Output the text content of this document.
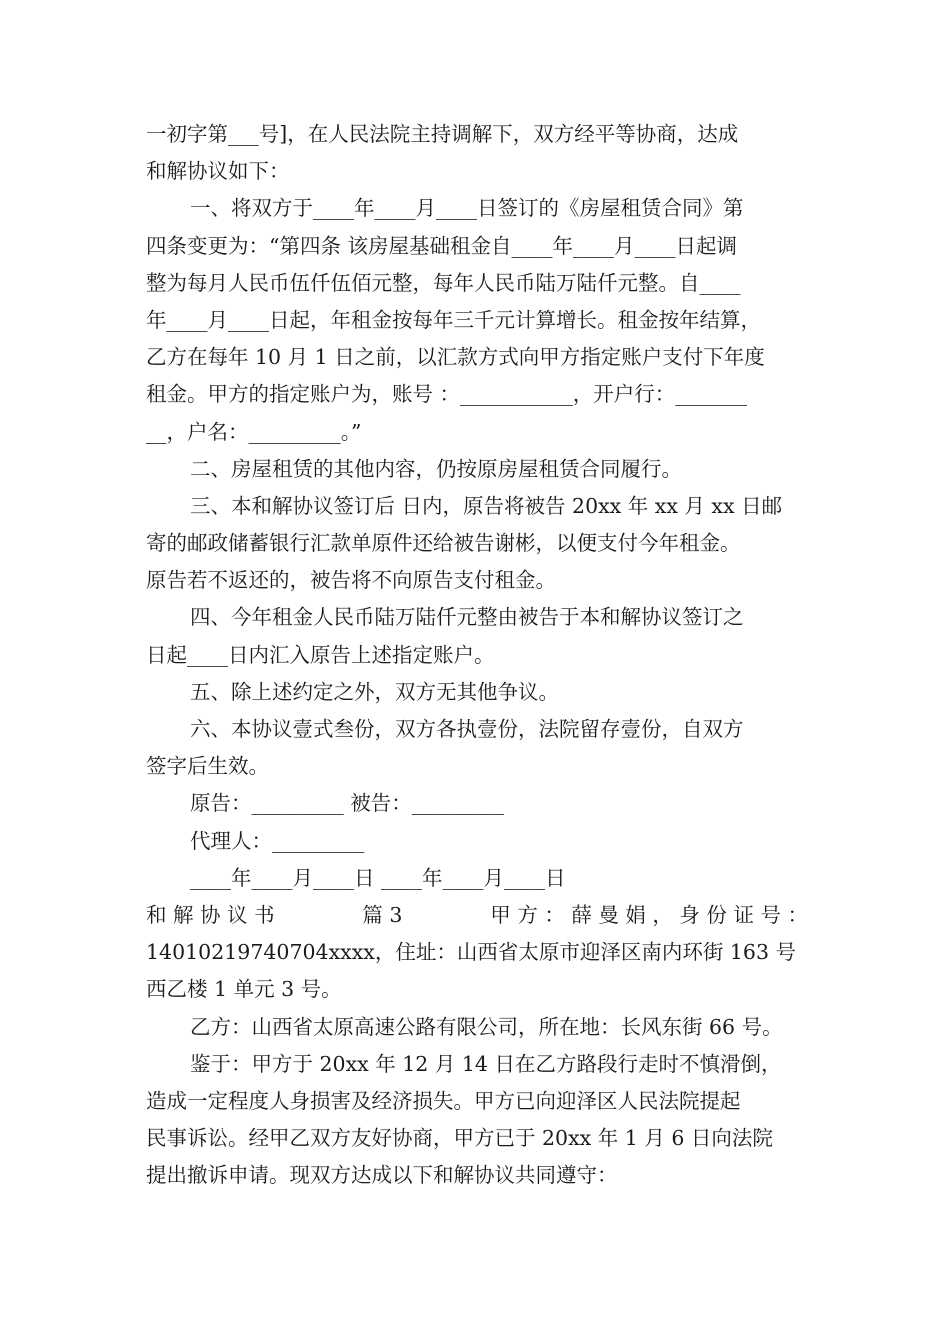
一初字第___号]，在人民法院主持调解下，双方经平等协商，达成
和解协议如下：
一、将双方于____年____月____日签订的《房屋租赁合同》第
四条变更为：“第四条 该房屋基础租金自____年____月____日起调
整为每月人民币伍仟伍佰元整，每年人民币陆万陆仟元整。自____
年____月____日起，年租金按每年三千元计算增长。租金按年结算，
乙方在每年 10 月 1 日之前，以汇款方式向甲方指定账户支付下年度
租金。甲方的指定账户为，账号 ：___________，开户行：_______
__，户名：_________。”
二、房屋租赁的其他内容，仍按原房屋租赁合同履行。
三、本和解协议签订后 日内，原告将被告 20xx 年 xx 月 xx 日邮
寄的邮政储蓄银行汇款单原件还给被告谢彬，以便支付今年租金。
原告若不返还的，被告将不向原告支付租金。
四、今年租金人民币陆万陆仟元整由被告于本和解协议签订之
日起____日内汇入原告上述指定账户。
五、除上述约定之外，双方无其他争议。
六、本协议壹式叁份，双方各执壹份，法院留存壹份，自双方
签字后生效。
原告：_________ 被告：_________
代理人：_________
____年____月____日 ____年____月____日
和 解 协 议 书	篇 3	甲 方 ： 薛 曼 娟 ， 身 份 证 号 ：
14010219740704xxxx，住址：山西省太原市迎泽区南内环街 163 号
西乙楼 1 单元 3 号。
乙方：山西省太原高速公路有限公司，所在地：长风东街 66 号。
鉴于：甲方于 20xx 年 12 月 14 日在乙方路段行走时不慎滑倒，
造成一定程度人身损害及经济损失。甲方已向迎泽区人民法院提起
民事诉讼。经甲乙双方友好协商，甲方已于 20xx 年 1 月 6 日向法院
提出撤诉申请。现双方达成以下和解协议共同遵守：
